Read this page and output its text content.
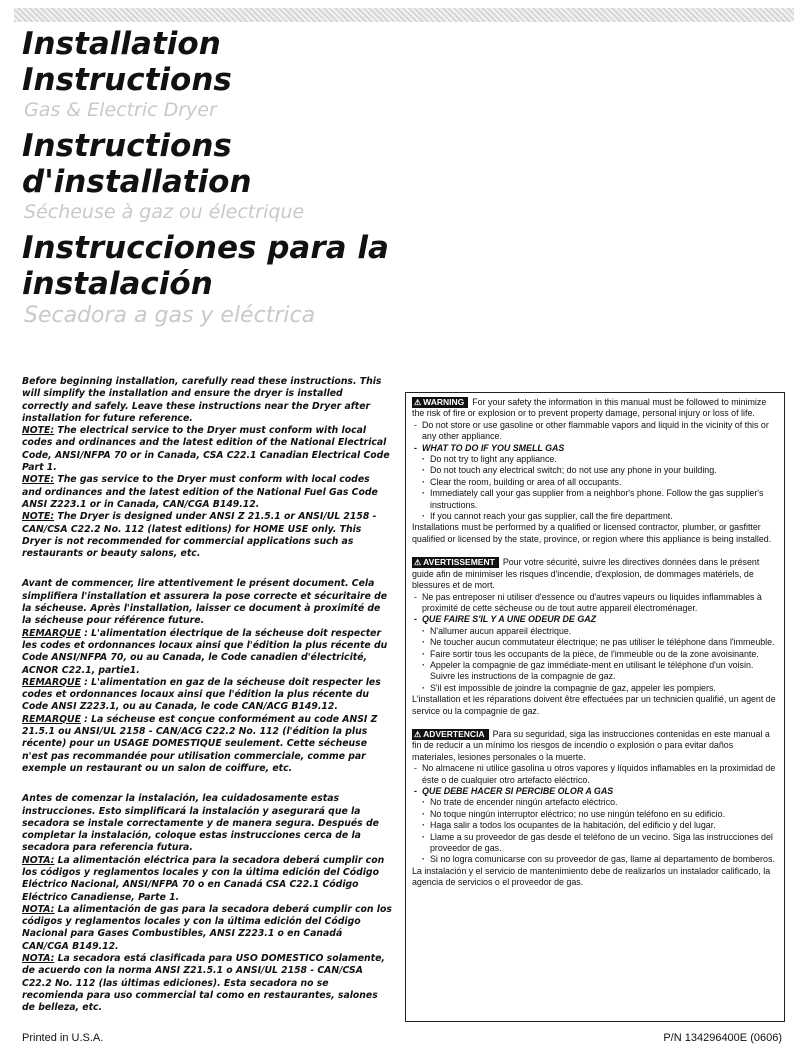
Installation

Instructions

Gas & Electric Dryer

Instructions

d'installation

Sécheuse à gaz ou électrique

Instrucciones para la

instalación

Secadora a gas y eléctrica

Before beginning installation, carefully read these instructions. This will simplify the installation and ensure the dryer is installed correctly and safely. Leave these instructions near the Dryer after installation for future reference.

NOTE: The electrical service to the Dryer must conform with local codes and ordinances and the latest edition of the National Electrical Code, ANSI/NFPA 70 or in Canada, CSA C22.1 Canadian Electrical Code Part 1.

NOTE: The gas service to the Dryer must conform with local codes and ordinances and the latest edition of the National Fuel Gas Code ANSI Z223.1 or in Canada, CAN/CGA B149.12.

NOTE: The Dryer is designed under ANSI Z 21.5.1 or ANSI/UL 2158 - CAN/CSA C22.2 No. 112 (latest editions) for HOME USE only. This Dryer is not recommended for commercial applications such as restaurants or beauty salons, etc.

Avant de commencer, lire attentivement le présent document. Cela simplifiera l'installation et assurera la pose correcte et sécuritaire de la sécheuse. Après l'installation, laisser ce document à proximité de la sécheuse pour référence future.

REMARQUE : L'alimentation électrique de la sécheuse doit respecter les codes et ordonnances locaux ainsi que l'édition la plus récente du Code ANSI/NFPA 70, ou au Canada, le Code canadien d'électricité, ACNOR C22.1, partie1.

REMARQUE : L'alimentation en gaz de la sécheuse doit respecter les codes et ordonnances locaux ainsi que l'édition la plus récente du Code ANSI Z223.1, ou au Canada, le code CAN/ACG B149.12.

REMARQUE : La sécheuse est conçue conformément au code ANSI Z 21.5.1 ou ANSI/UL 2158 - CAN/ACG C22.2 No. 112 (l'édition la plus récente) pour un USAGE DOMESTIQUE seulement. Cette sécheuse n'est pas recommandée pour utilisation commerciale, comme par exemple un restaurant ou un salon de coiffure, etc.

Antes de comenzar la instalación, lea cuidadosamente estas instrucciones. Esto simplificará la instalación y asegurará que la secadora se instale correctamente y de manera segura. Después de completar la instalación, coloque estas instrucciones cerca de la secadora para referencia futura.

NOTA: La alimentación eléctrica para la secadora deberá cumplir con los códigos y reglamentos locales y con la última edición del Código Eléctrico Nacional, ANSI/NFPA 70 o en Canadá CSA C22.1 Código Eléctrico Canadiense, Parte 1.

NOTA: La alimentación de gas para la secadora deberá cumplir con los códigos y reglamentos locales y con la última edición del Código Nacional para Gases Combustibles, ANSI Z223.1 o en Canadá CAN/CGA B149.12.

NOTA: La secadora está clasificada para USO DOMESTICO solamente, de acuerdo con la norma ANSI Z21.5.1 o ANSI/UL 2158 - CAN/CSA C22.2 No. 112 (las últimas ediciones). Esta secadora no se recomienda para uso commercial tal como en restaurantes, salones de belleza, etc.

⚠ WARNING For your safety the information in this manual must be followed to minimize the risk of fire or explosion or to prevent property damage, personal injury or loss of life.
- Do not store or use gasoline or other flammable vapors and liquid in the vicinity of this or any other appliance.
- WHAT TO DO IF YOU SMELL GAS
· Do not try to light any appliance.
· Do not touch any electrical switch; do not use any phone in your building.
· Clear the room, building or area of all occupants.
· Immediately call your gas supplier from a neighbor's phone. Follow the gas supplier's instructions.
· If you cannot reach your gas supplier, call the fire department.
Installations must be performed by a qualified or licensed contractor, plumber, or gasfitter qualified or licensed by the state, province, or region where this appliance is being installed.
⚠ AVERTISSEMENT Pour votre sécurité, suivre les directives données dans le présent guide afin de minimiser les risques d'incendie, d'explosion, de dommages matériels, de blessures et de mort.
- Ne pas entreposer ni utiliser d'essence ou d'autres vapeurs ou liquides inflammables à proximité de cette sécheuse ou de tout autre appareil électroménager.
- QUE FAIRE S'IL Y A UNE ODEUR DE GAZ
· N'allumer aucun appareil électrique.
· Ne toucher aucun commutateur électrique; ne pas utiliser le téléphone dans l'immeuble.
· Faire sortir tous les occupants de la pièce, de l'immeuble ou de la zone avoisinante.
· Appeler la compagnie de gaz immédiate-ment en utilisant le téléphone d'un voisin. Suivre les instructions de la compagnie de gaz.
· S'il est impossible de joindre la compagnie de gaz, appeler les pompiers.
L'installation et les réparations doivent être effectuées par un technicien qualifié, un agent de service ou la compagnie de gaz.
⚠ ADVERTENCIA Para su seguridad, siga las instrucciones contenidas en este manual a fin de reducir a un mínimo los riesgos de incendio o explosión o para evitar daños materiales, lesiones personales o la muerte.
- No almacene ni utilice gasolina u otros vapores y líquidos inflamables en la proximidad de éste o de cualquier otro artefacto eléctrico.
- QUE DEBE HACER SI PERCIBE OLOR A GAS
· No trate de encender ningún artefacto eléctrico.
· No toque ningún interruptor eléctrico; no use ningún teléfono en su edificio.
· Haga salir a todos los ocupantes de la habitación, del edificio y del lugar.
· Llame a su proveedor de gas desde el teléfono de un vecino. Siga las instrucciones del proveedor de gas.
· Si no logra comunicarse con su proveedor de gas, llame al departamento de bomberos.
La instalación y el servicio de mantenimiento debe de realizarlos un instalador calificado, la agencia de servicios o el proveedor de gas.
Printed in U.S.A.	P/N 134296400E (0606)
